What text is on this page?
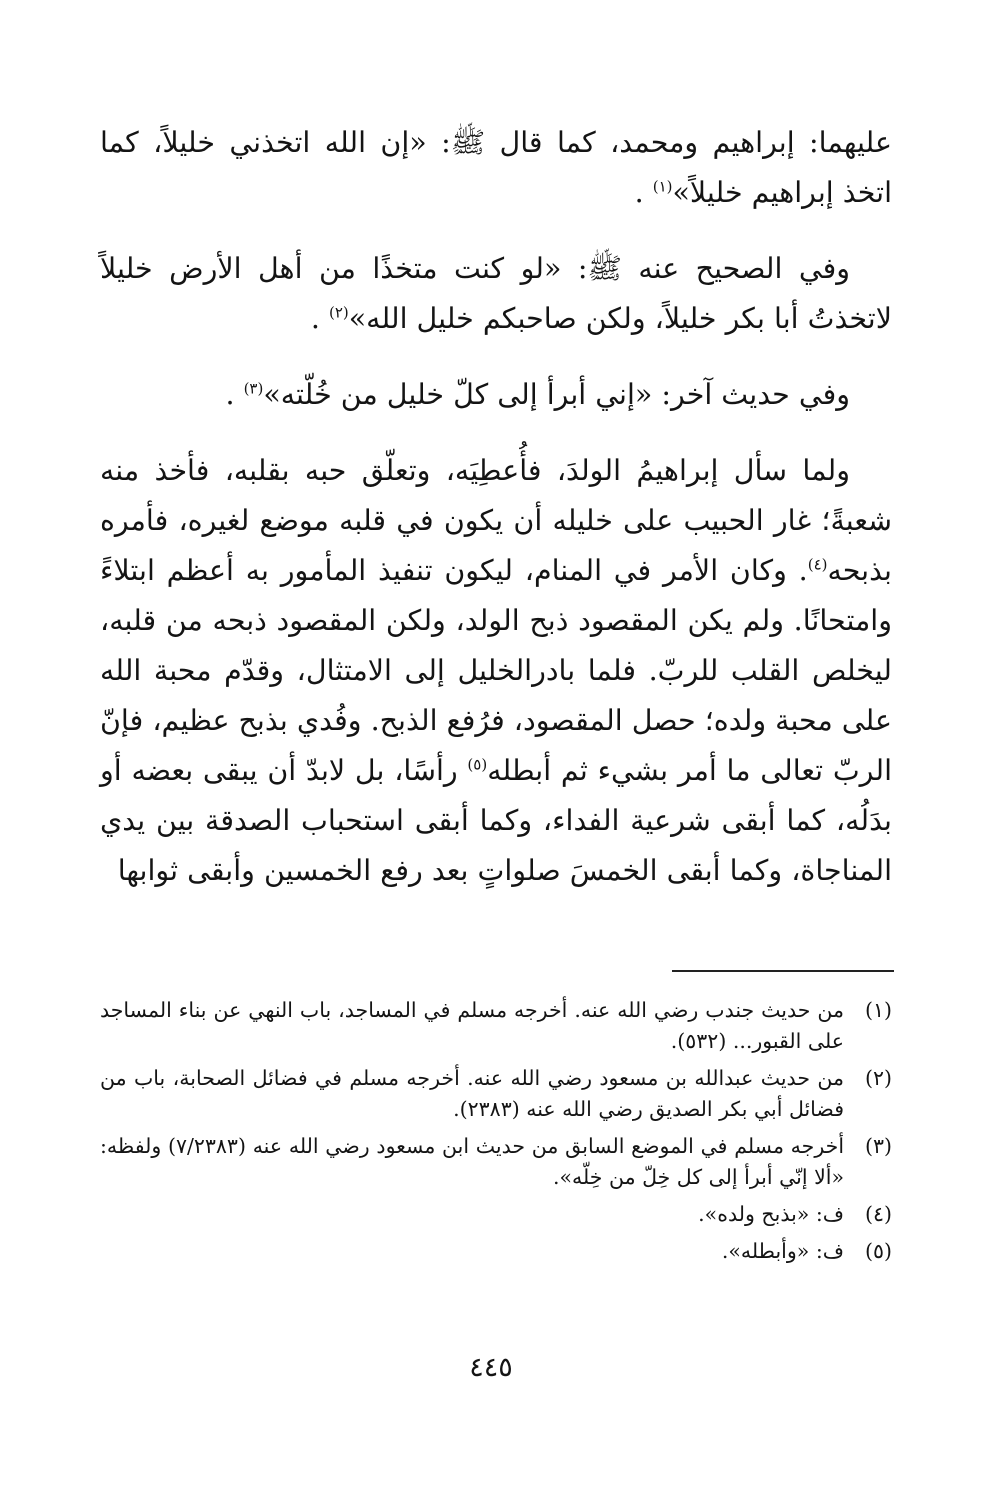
عليهما: إبراهيم ومحمد، كما قال ﷺ: «إن الله اتخذني خليلاً، كما اتخذ إبراهيم خليلاً»$^{(١)}$ .

وفي الصحيح عنه ﷺ: «لو كنت متخذًا من أهل الأرض خليلاً لاتخذتُ أبا بكر خليلاً، ولكن صاحبكم خليل الله»$^{(٢)}$ .

وفي حديث آخر: «إني أبرأ إلى كلّ خليل من خُلّته»$^{(٣)}$ .

ولما سأل إبراهيمُ الولدَ، فأُعطِيَه، وتعلّق حبه بقلبه، فأخذ منه شعبةً؛ غار الحبيب على خليله أن يكون في قلبه موضع لغيره، فأمره بذبحه$^{(٤)}$. وكان الأمر في المنام، ليكون تنفيذ المأمور به أعظم ابتلاءً وامتحانًا. ولم يكن المقصود ذبح الولد، ولكن المقصود ذبحه من قلبه، ليخلص القلب للربّ. فلما بادرالخليل إلى الامتثال، وقدّم محبة الله على محبة ولده؛ حصل المقصود، فرُفع الذبح. وفُدي بذبح عظيم، فإنّ الربّ تعالى ما أمر بشيء ثم أبطله$^{(٥)}$ رأسًا، بل لابدّ أن يبقى بعضه أو بدَلُه، كما أبقى شرعية الفداء، وكما أبقى استحباب الصدقة بين يدي المناجاة، وكما أبقى الخمسَ صلواتٍ بعد رفع الخمسين وأبقى ثوابها

(١)
من حديث جندب رضي الله عنه. أخرجه مسلم في المساجد، باب النهي عن بناء المساجد على القبور... (٥٣٢).
(٢)
من حديث عبدالله بن مسعود رضي الله عنه. أخرجه مسلم في فضائل الصحابة، باب من فضائل أبي بكر الصديق رضي الله عنه (٢٣٨٣).
(٣)
أخرجه مسلم في الموضع السابق من حديث ابن مسعود رضي الله عنه (٧/٢٣٨٣) ولفظه: «ألا إنّي أبرأ إلى كل خِلّ من خِلّه».
(٤)
ف: «بذبح ولده».
(٥)
ف: «وأبطله».
٤٤٥
